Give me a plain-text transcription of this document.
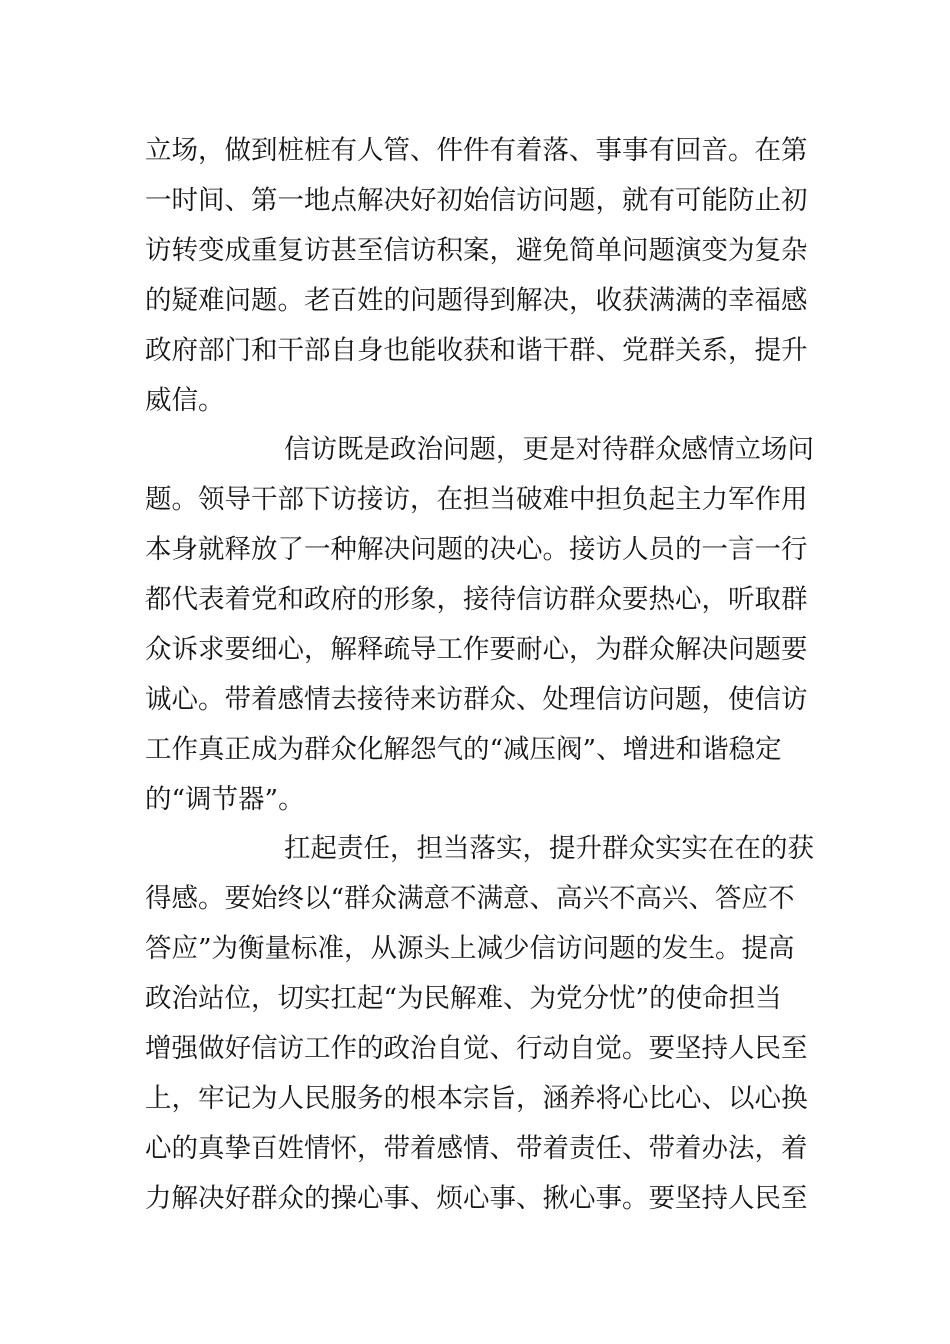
立场，做到桩桩有人管、件件有着落、事事有回音。在第
一时间、第一地点解决好初始信访问题，就有可能防止初
访转变成重复访甚至信访积案，避免简单问题演变为复杂
的疑难问题。老百姓的问题得到解决，收获满满的幸福感
政府部门和干部自身也能收获和谐干群、党群关系，提升
威信。
信访既是政治问题，更是对待群众感情立场问
题。领导干部下访接访，在担当破难中担负起主力军作用
本身就释放了一种解决问题的决心。接访人员的一言一行
都代表着党和政府的形象，接待信访群众要热心，听取群
众诉求要细心，解释疏导工作要耐心，为群众解决问题要
诚心。带着感情去接待来访群众、处理信访问题，使信访
工作真正成为群众化解怨气的“减压阀”、增进和谐稳定
的“调节器”。
扛起责任，担当落实，提升群众实实在在的获
得感。要始终以“群众满意不满意、高兴不高兴、答应不
答应”为衡量标准，从源头上减少信访问题的发生。提高
政治站位，切实扛起“为民解难、为党分忧”的使命担当
增强做好信访工作的政治自觉、行动自觉。要坚持人民至
上，牢记为人民服务的根本宗旨，涵养将心比心、以心换
心的真挚百姓情怀，带着感情、带着责任、带着办法，着
力解决好群众的操心事、烦心事、揪心事。要坚持人民至
